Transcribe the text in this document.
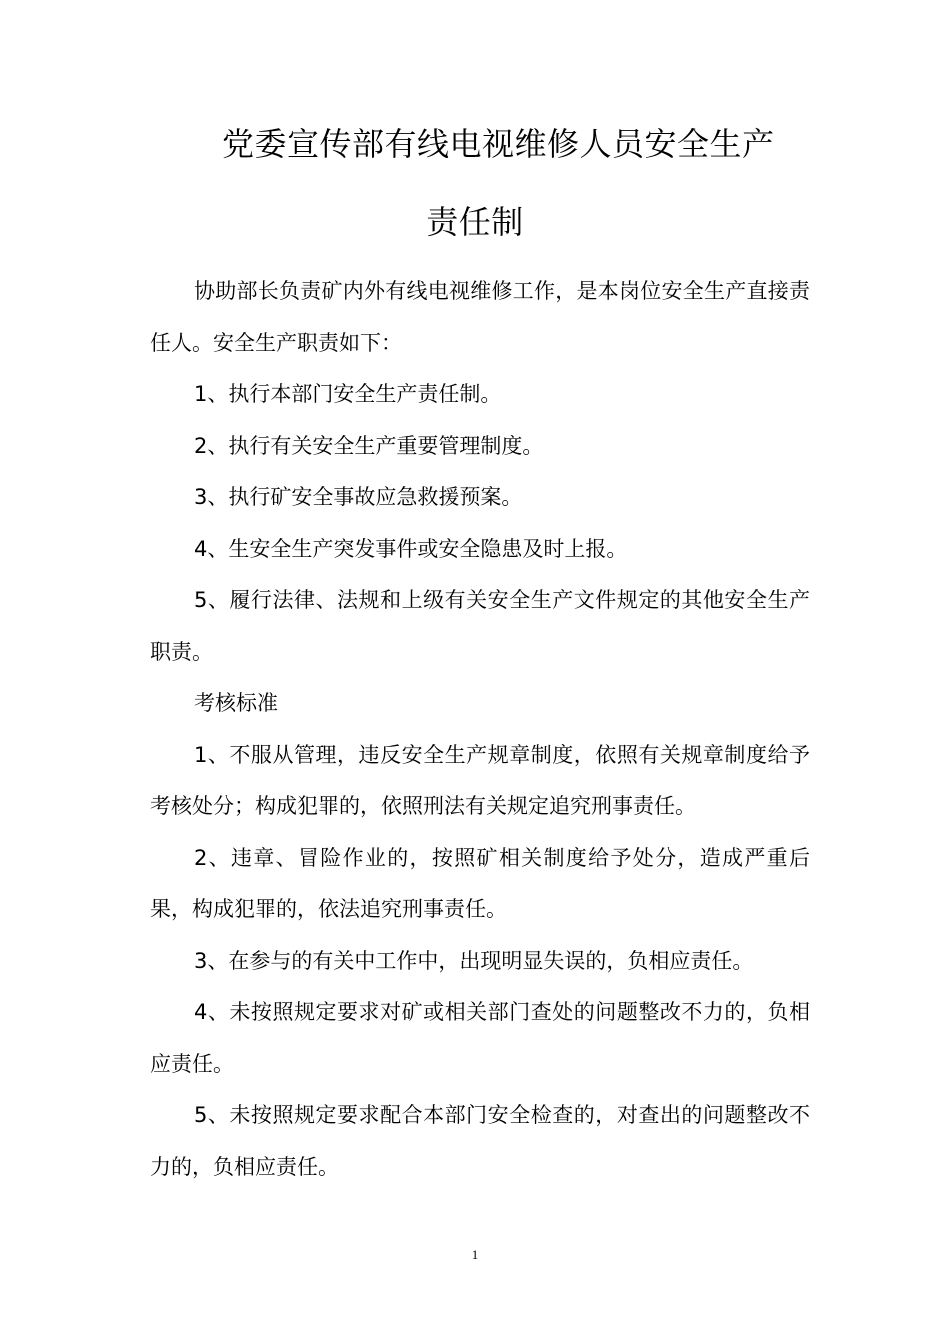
党委宣传部有线电视维修人员安全生产
责任制

协助部长负责矿内外有线电视维修工作，是本岗位安全生产直接责任人。安全生产职责如下：

1、执行本部门安全生产责任制。

2、执行有关安全生产重要管理制度。

3、执行矿安全事故应急救援预案。

4、生安全生产突发事件或安全隐患及时上报。

5、履行法律、法规和上级有关安全生产文件规定的其他安全生产职责。

考核标准

1、不服从管理，违反安全生产规章制度，依照有关规章制度给予考核处分；构成犯罪的，依照刑法有关规定追究刑事责任。

2、违章、冒险作业的，按照矿相关制度给予处分，造成严重后果，构成犯罪的，依法追究刑事责任。

3、在参与的有关中工作中，出现明显失误的，负相应责任。

4、未按照规定要求对矿或相关部门查处的问题整改不力的，负相应责任。

5、未按照规定要求配合本部门安全检查的，对查出的问题整改不力的，负相应责任。

1
